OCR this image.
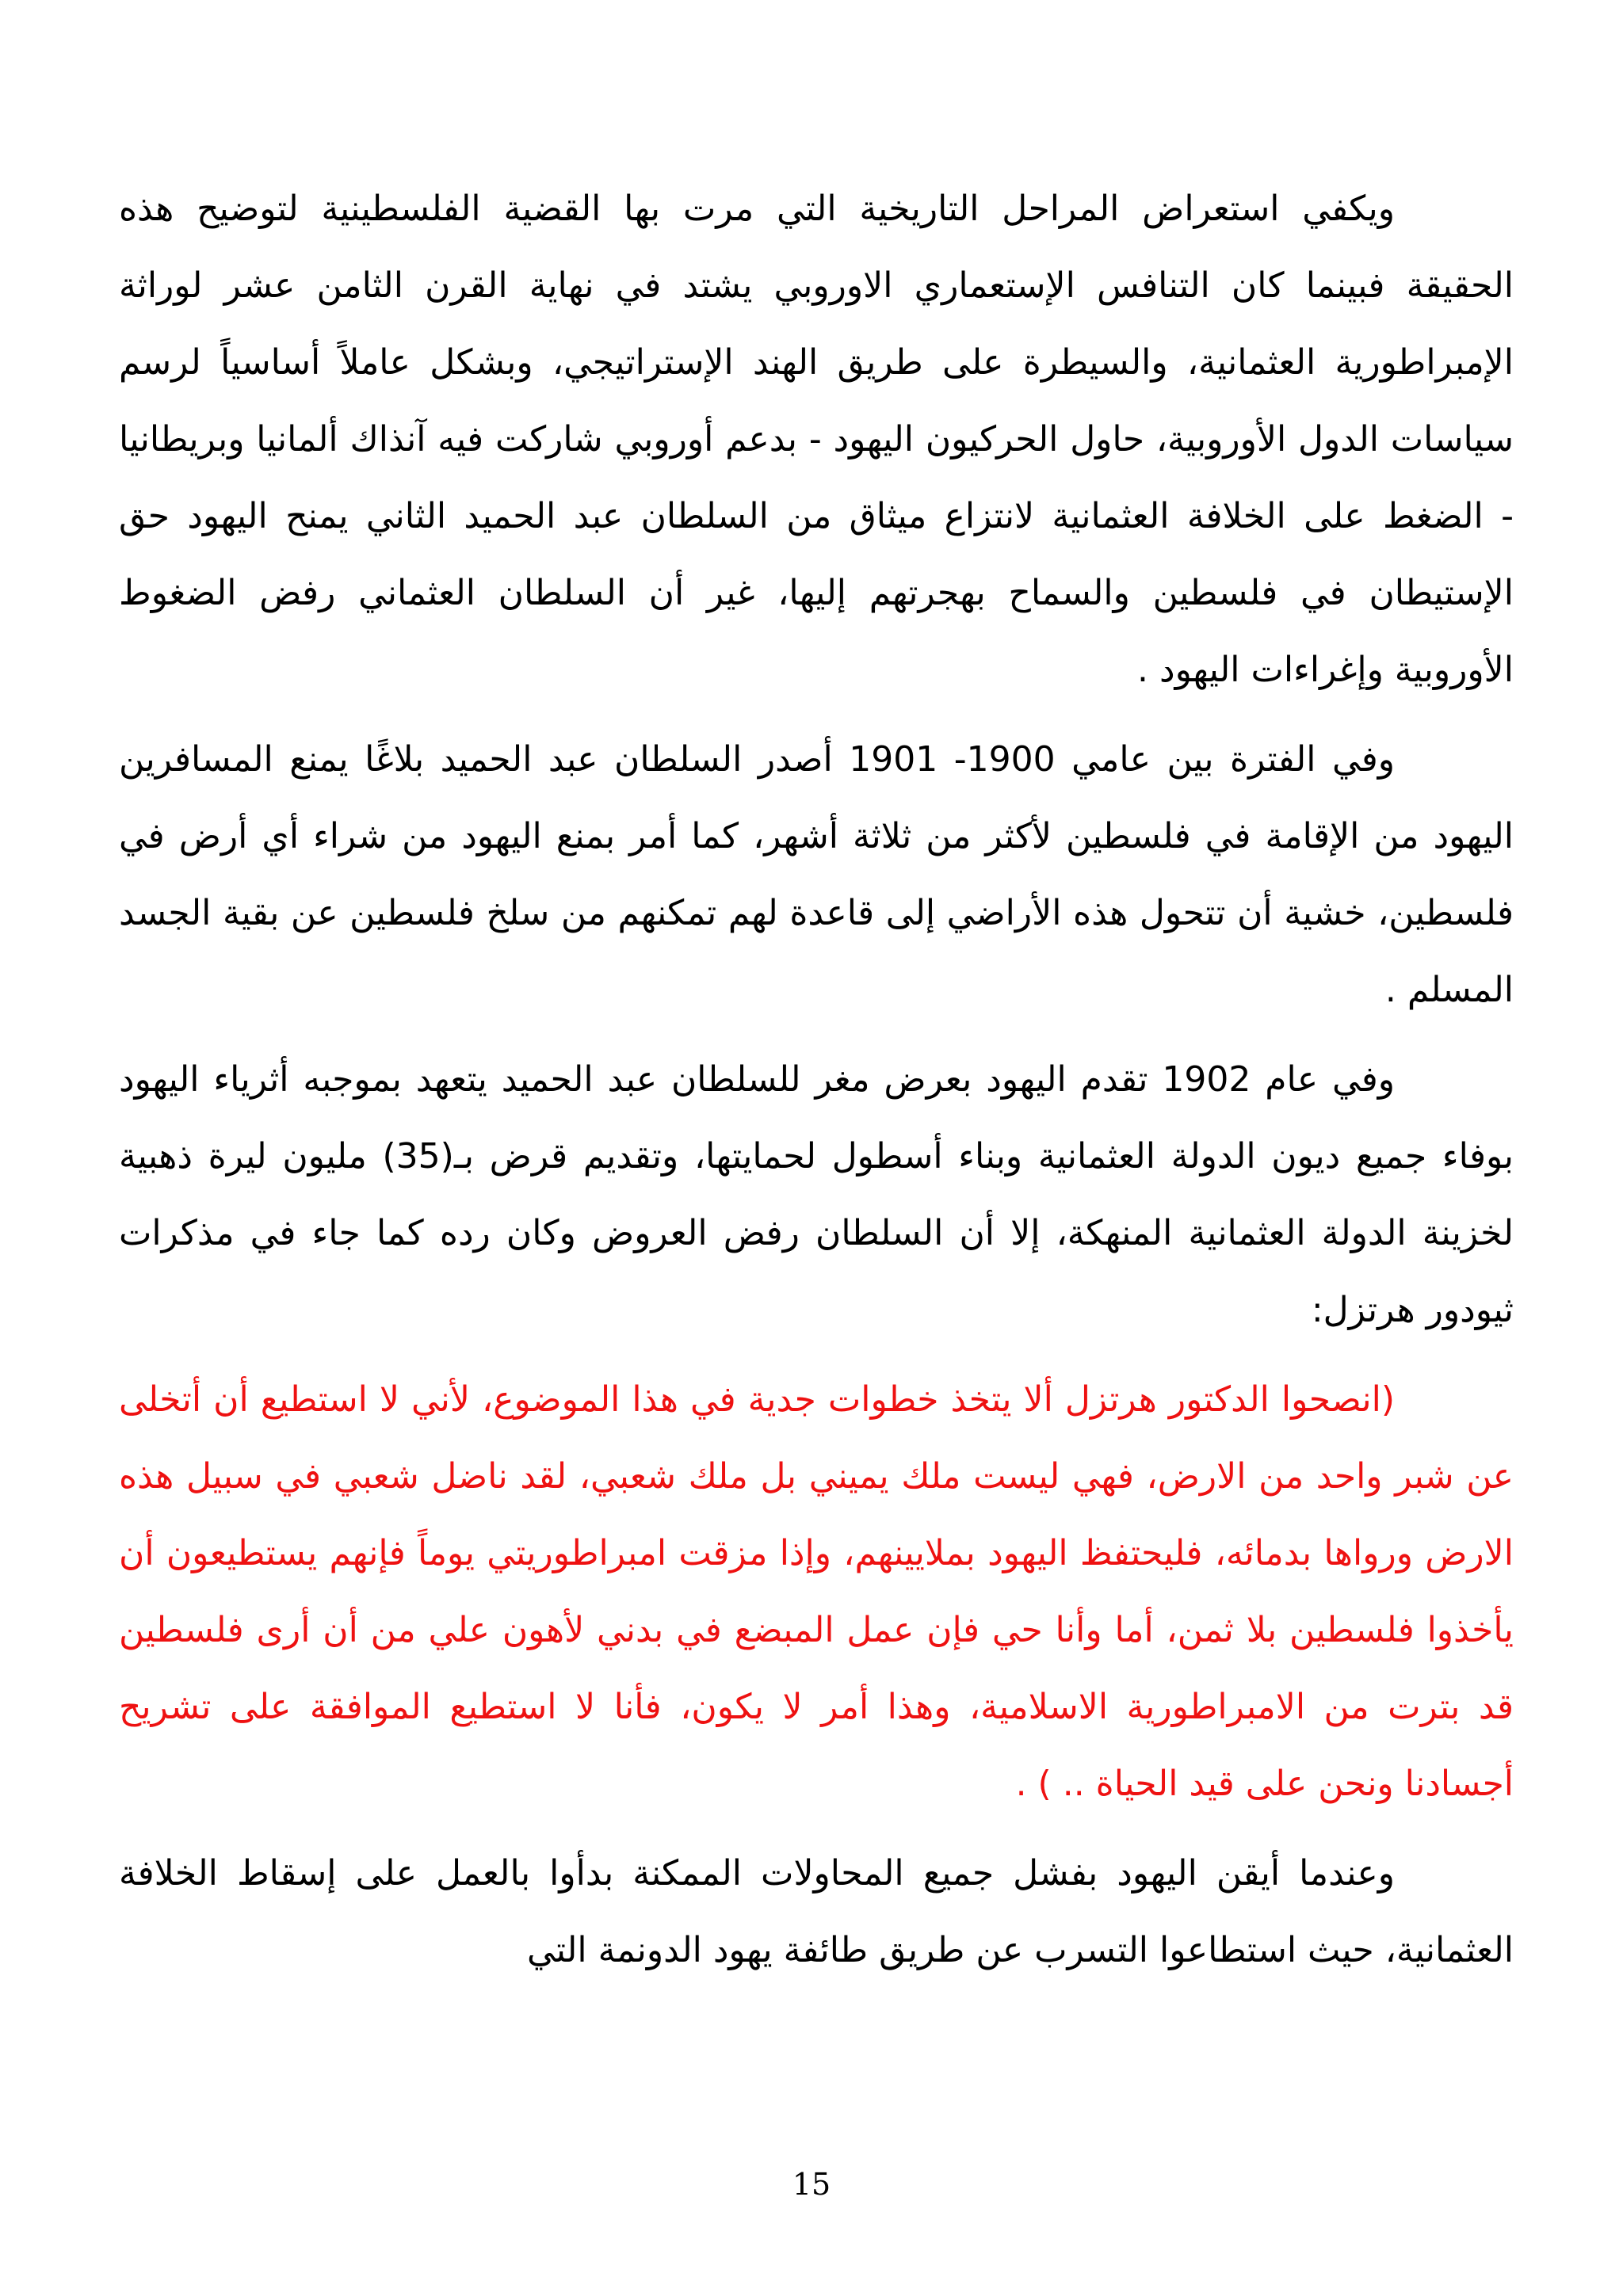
ويكفي استعراض المراحل التاريخية التي مرت بها القضية الفلسطينية لتوضيح هذه الحقيقة فبينما كان التنافس الإستعماري الاوروبي يشتد في نهاية القرن الثامن عشر لوراثة الإمبراطورية العثمانية، والسيطرة على طريق الهند الإستراتيجي، وبشكل عاملاً أساسياً لرسم سياسات الدول الأوروبية، حاول الحركيون اليهود - بدعم أوروبي شاركت فيه آنذاك ألمانيا وبريطانيا - الضغط على الخلافة العثمانية لانتزاع ميثاق من السلطان عبد الحميد الثاني يمنح اليهود حق الإستيطان في فلسطين والسماح بهجرتهم إليها، غير أن السلطان العثماني رفض الضغوط الأوروبية وإغراءات اليهود .

وفي الفترة بين عامي 1900- 1901 أصدر السلطان عبد الحميد بلاغًا يمنع المسافرين اليهود من الإقامة في فلسطين لأكثر من ثلاثة أشهر، كما أمر بمنع اليهود من شراء أي أرض في فلسطين، خشية أن تتحول هذه الأراضي إلى قاعدة لهم تمكنهم من سلخ فلسطين عن بقية الجسد المسلم .

وفي عام 1902 تقدم اليهود بعرض مغر للسلطان عبد الحميد يتعهد بموجبه أثرياء اليهود بوفاء جميع ديون الدولة العثمانية وبناء أسطول لحمايتها، وتقديم قرض بـ(35) مليون ليرة ذهبية لخزينة الدولة العثمانية المنهكة، إلا أن السلطان رفض العروض وكان رده كما جاء في مذكرات ثيودور هرتزل:

(انصحوا الدكتور هرتزل ألا يتخذ خطوات جدية في هذا الموضوع، لأني لا استطيع أن أتخلى عن شبر واحد من الارض، فهي ليست ملك يميني بل ملك شعبي، لقد ناضل شعبي في سبيل هذه الارض ورواها بدمائه، فليحتفظ اليهود بملايينهم، وإذا مزقت امبراطوريتي يوماً فإنهم يستطيعون أن يأخذوا فلسطين بلا ثمن، أما وأنا حي فإن عمل المبضع في بدني لأهون علي من أن أرى فلسطين قد بترت من الامبراطورية الاسلامية، وهذا أمر لا يكون، فأنا لا استطيع الموافقة على تشريح أجسادنا ونحن على قيد الحياة .. ) .

وعندما أيقن اليهود بفشل جميع المحاولات الممكنة بدأوا بالعمل على إسقاط الخلافة العثمانية، حيث استطاعوا التسرب عن طريق طائفة يهود الدونمة التي

15
